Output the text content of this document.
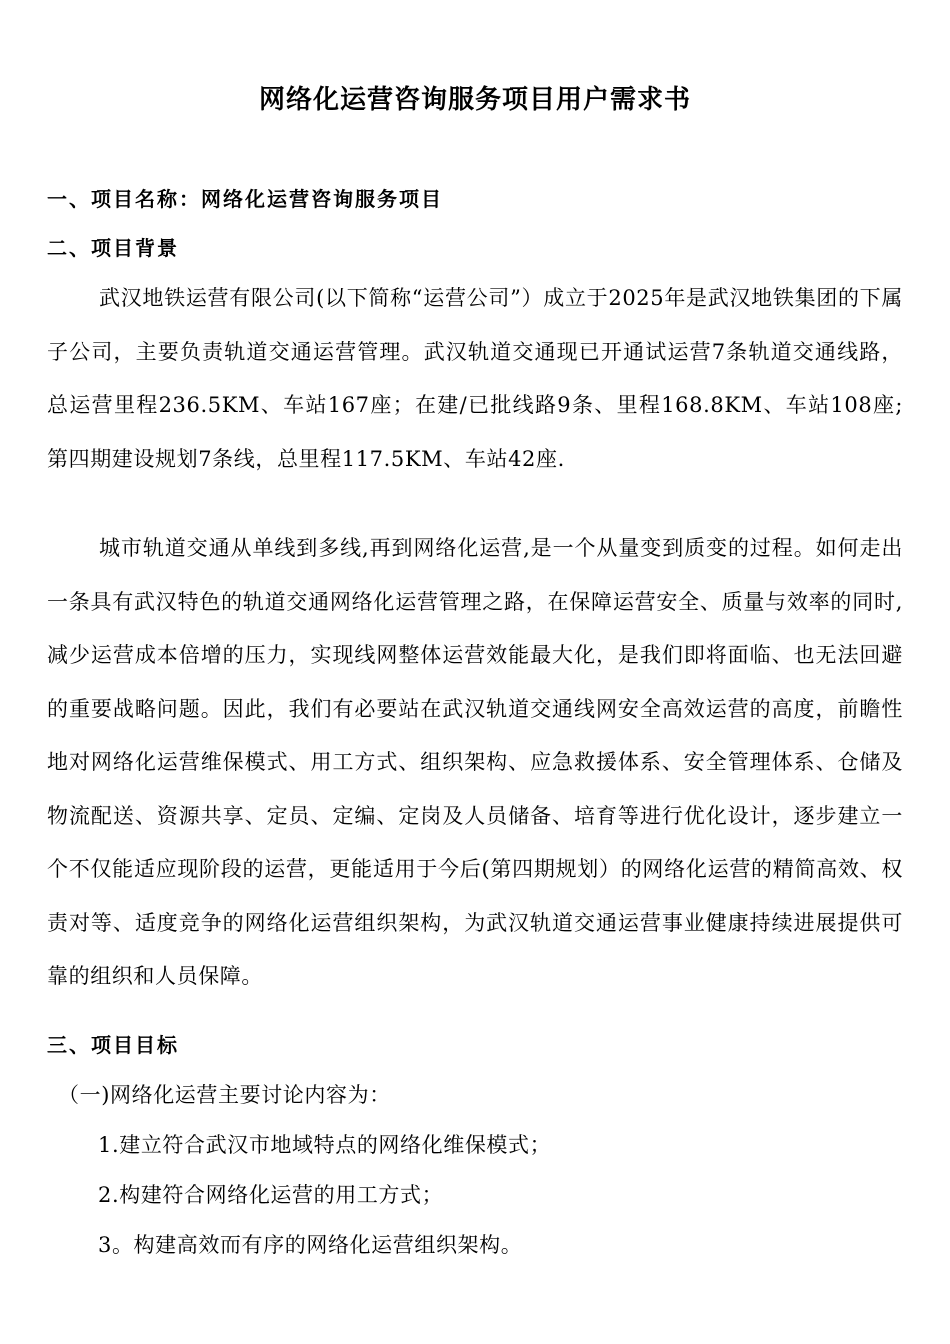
网络化运营咨询服务项目用户需求书
一、项目名称：网络化运营咨询服务项目
二、项目背景
武汉地铁运营有限公司(以下简称“运营公司”）成立于2025年是武汉地铁集团的下属子公司，主要负责轨道交通运营管理。武汉轨道交通现已开通试运营7条轨道交通线路，总运营里程236.5KM、车站167座；在建/已批线路9条、里程168.8KM、车站108座;第四期建设规划7条线，总里程117.5KM、车站42座.
城市轨道交通从单线到多线,再到网络化运营,是一个从量变到质变的过程。如何走出一条具有武汉特色的轨道交通网络化运营管理之路，在保障运营安全、质量与效率的同时,减少运营成本倍增的压力，实现线网整体运营效能最大化，是我们即将面临、也无法回避的重要战略问题。因此，我们有必要站在武汉轨道交通线网安全高效运营的高度，前瞻性地对网络化运营维保模式、用工方式、组织架构、应急救援体系、安全管理体系、仓储及物流配送、资源共享、定员、定编、定岗及人员储备、培育等进行优化设计，逐步建立一个不仅能适应现阶段的运营，更能适用于今后(第四期规划）的网络化运营的精简高效、权责对等、适度竞争的网络化运营组织架构，为武汉轨道交通运营事业健康持续进展提供可靠的组织和人员保障。
三、项目目标
（一)网络化运营主要讨论内容为：
1.建立符合武汉市地域特点的网络化维保模式；
2.构建符合网络化运营的用工方式；
3。构建高效而有序的网络化运营组织架构。
